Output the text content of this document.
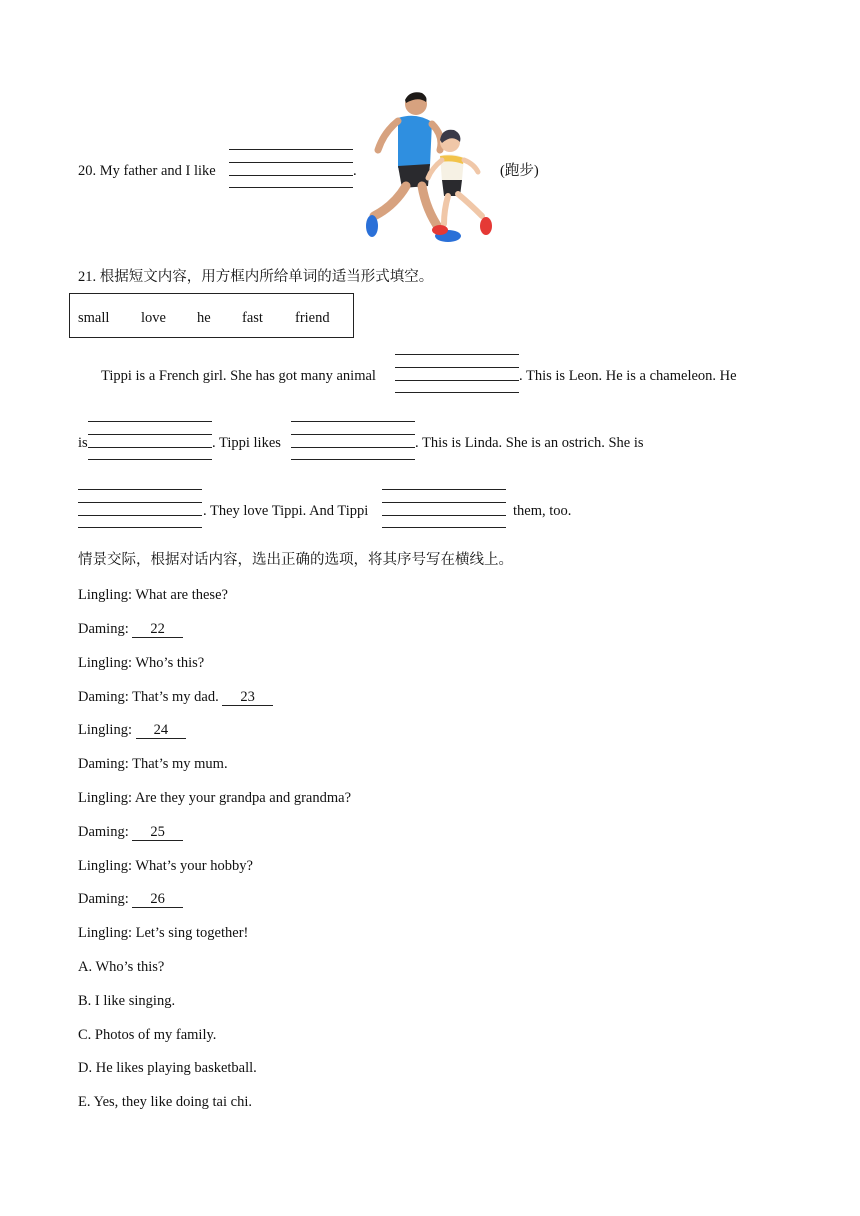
20. My father and I like	.	(跑步)
21. 根据短文内容，用方框内所给单词的适当形式填空。
small love he fast friend
Tippi is a French girl. She has got many animal	. This is Leon. He is a chameleon. He
is	. Tippi likes	. This is Linda. She is an ostrich. She is
. They love Tippi. And Tippi	them, too.
情景交际，根据对话内容，选出正确的选项，将其序号写在横线上。
Lingling: What are these?
Daming: 22
Lingling: Who’s this?
Daming: That’s my dad. 23
Lingling: 24
Daming: That’s my mum.
Lingling: Are they your grandpa and grandma?
Daming: 25
Lingling: What’s your hobby?
Daming: 26
Lingling: Let’s sing together!
A. Who’s this?
B. I like singing.
C. Photos of my family.
D. He likes playing basketball.
E. Yes, they like doing tai chi.
